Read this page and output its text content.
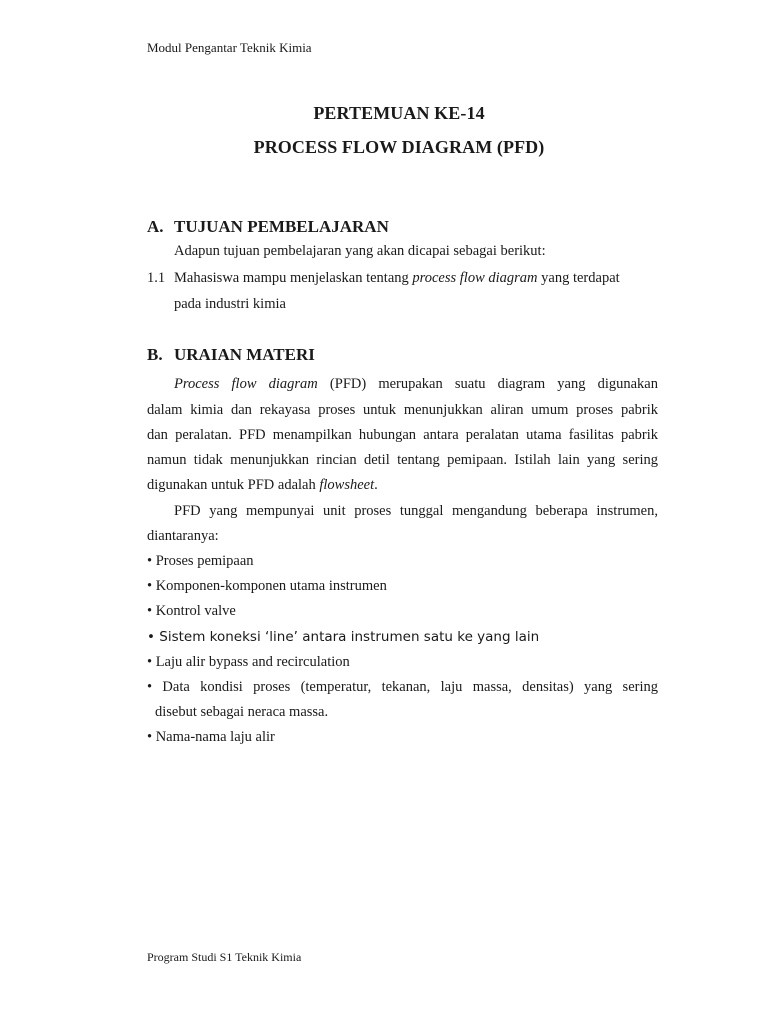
Modul Pengantar Teknik Kimia
PERTEMUAN KE-14
PROCESS FLOW DIAGRAM (PFD)
A. TUJUAN PEMBELAJARAN
Adapun tujuan pembelajaran yang akan dicapai sebagai berikut:
1.1 Mahasiswa mampu menjelaskan tentang process flow diagram yang terdapat
pada industri kimia
B. URAIAN MATERI
Process flow diagram (PFD) merupakan suatu diagram yang digunakan
dalam kimia dan rekayasa proses untuk menunjukkan aliran umum proses pabrik
dan peralatan. PFD menampilkan hubungan antara peralatan utama fasilitas pabrik
namun tidak menunjukkan rincian detil tentang pemipaan. Istilah lain yang sering
digunakan untuk PFD adalah flowsheet.
PFD yang mempunyai unit proses tunggal mengandung beberapa instrumen,
diantaranya:
• Proses pemipaan
• Komponen-komponen utama instrumen
• Kontrol valve
• Sistem koneksi ‘line’ antara instrumen satu ke yang lain
• Laju alir bypass and recirculation
• Data kondisi proses (temperatur, tekanan, laju massa, densitas) yang sering
disebut sebagai neraca massa.
• Nama-nama laju alir
Program Studi S1 Teknik Kimia
